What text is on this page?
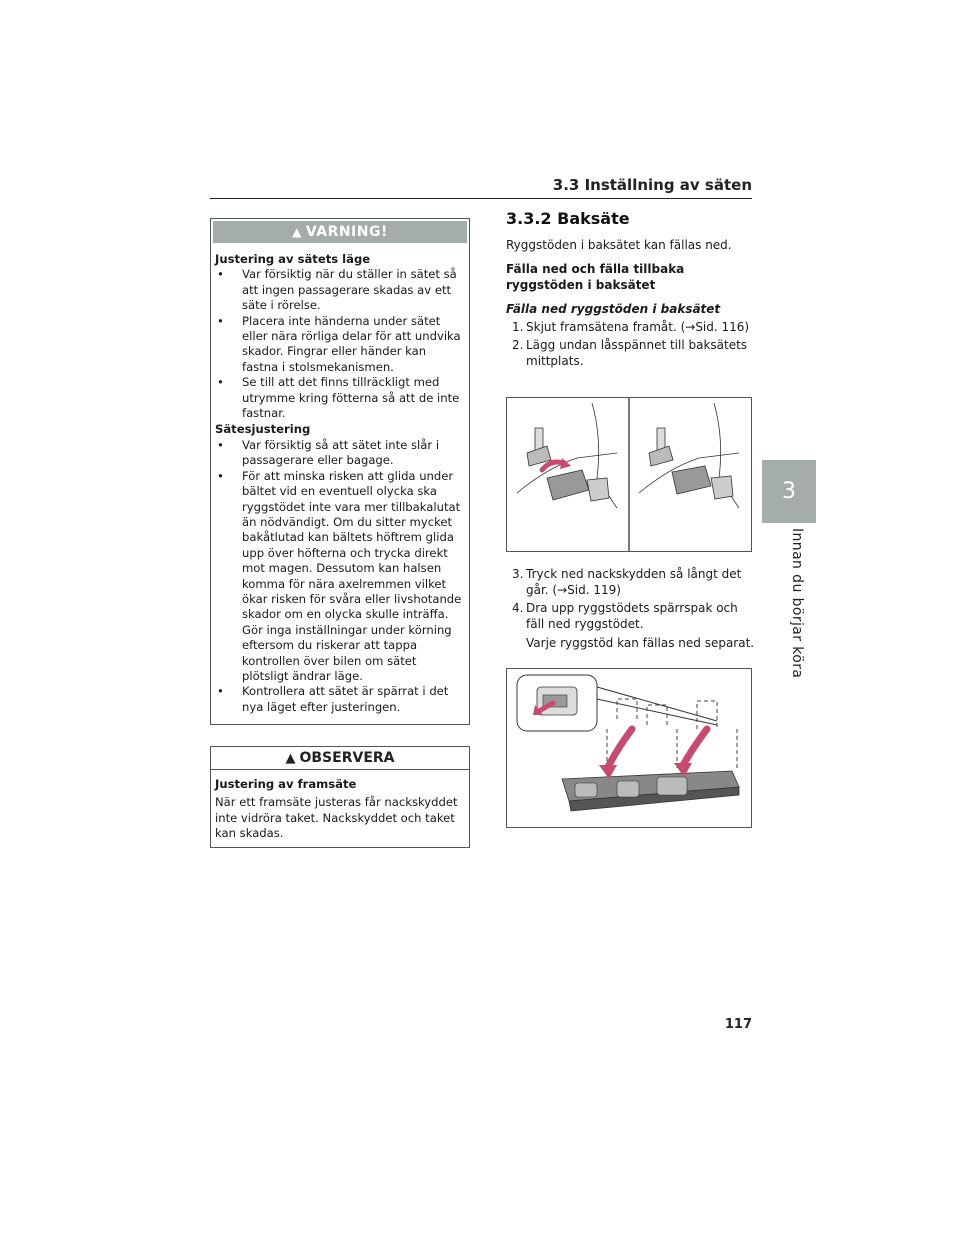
3.3 Inställning av säten
3
Innan du börjar köra
▲ VARNING!
Justering av sätets läge
• Var försiktig när du ställer in sätet så att ingen passagerare skadas av ett säte i rörelse.
• Placera inte händerna under sätet eller nära rörliga delar för att undvika skador. Fingrar eller händer kan fastna i stolsmekanismen.
• Se till att det finns tillräckligt med utrymme kring fötterna så att de inte fastnar.
Sätesjustering
• Var försiktig så att sätet inte slår i passagerare eller bagage.
• För att minska risken att glida under bältet vid en eventuell olycka ska ryggstödet inte vara mer tillbakalutat än nödvändigt. Om du sitter mycket bakåtlutad kan bältets höftrem glida upp över höfterna och trycka direkt mot magen. Dessutom kan halsen komma för nära axelremmen vilket ökar risken för svåra eller livshotande skador om en olycka skulle inträffa. Gör inga inställningar under körning eftersom du riskerar att tappa kontrollen över bilen om sätet plötsligt ändrar läge.
• Kontrollera att sätet är spärrat i det nya läget efter justeringen.
▲ OBSERVERA
Justering av framsäte
När ett framsäte justeras får nackskyddet inte vidröra taket. Nackskyddet och taket kan skadas.
3.3.2 Baksäte
Ryggstöden i baksätet kan fällas ned.
Fälla ned och fälla tillbaka ryggstöden i baksätet
Fälla ned ryggstöden i baksätet
1. Skjut framsätena framåt. (→Sid. 116)
2. Lägg undan låsspännet till baksätets mittplats.
3. Tryck ned nackskydden så långt det går. (→Sid. 119)
4. Dra upp ryggstödets spärrspak och fäll ned ryggstödet.
Varje ryggstöd kan fällas ned separat.
117
